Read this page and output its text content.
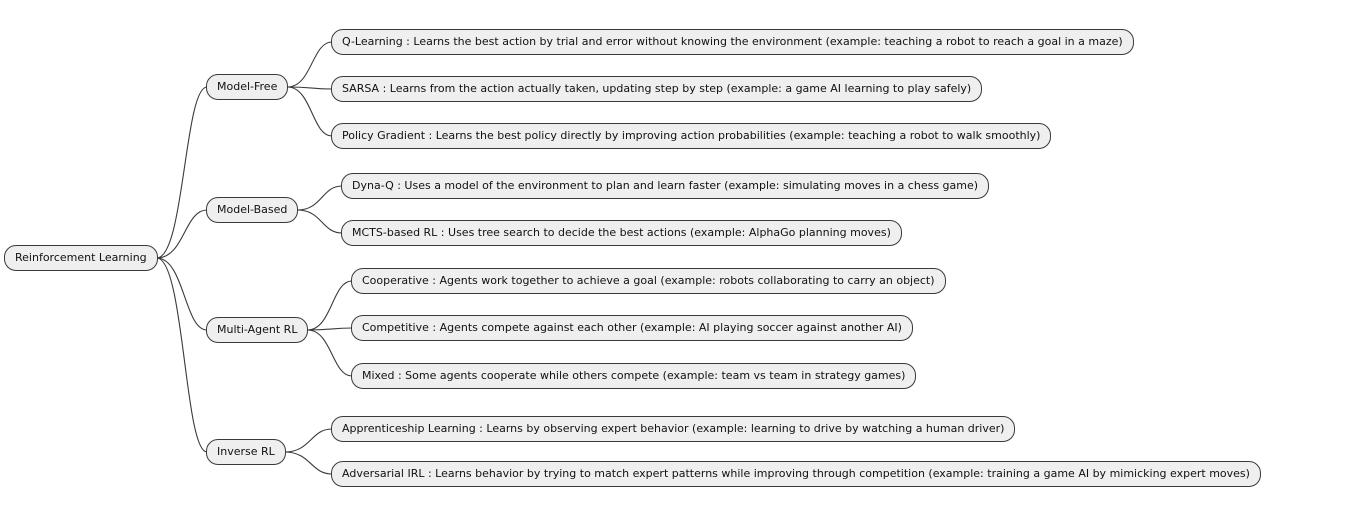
Reinforcement Learning
Model-Free
Model-Based
Multi-Agent RL
Inverse RL
Q-Learning : Learns the best action by trial and error without knowing the environment (example: teaching a robot to reach a goal in a maze)
SARSA : Learns from the action actually taken, updating step by step (example: a game AI learning to play safely)
Policy Gradient : Learns the best policy directly by improving action probabilities (example: teaching a robot to walk smoothly)
Dyna-Q : Uses a model of the environment to plan and learn faster (example: simulating moves in a chess game)
MCTS-based RL : Uses tree search to decide the best actions (example: AlphaGo planning moves)
Cooperative : Agents work together to achieve a goal (example: robots collaborating to carry an object)
Competitive : Agents compete against each other (example: AI playing soccer against another AI)
Mixed : Some agents cooperate while others compete (example: team vs team in strategy games)
Apprenticeship Learning : Learns by observing expert behavior (example: learning to drive by watching a human driver)
Adversarial IRL : Learns behavior by trying to match expert patterns while improving through competition (example: training a game AI by mimicking expert moves)
